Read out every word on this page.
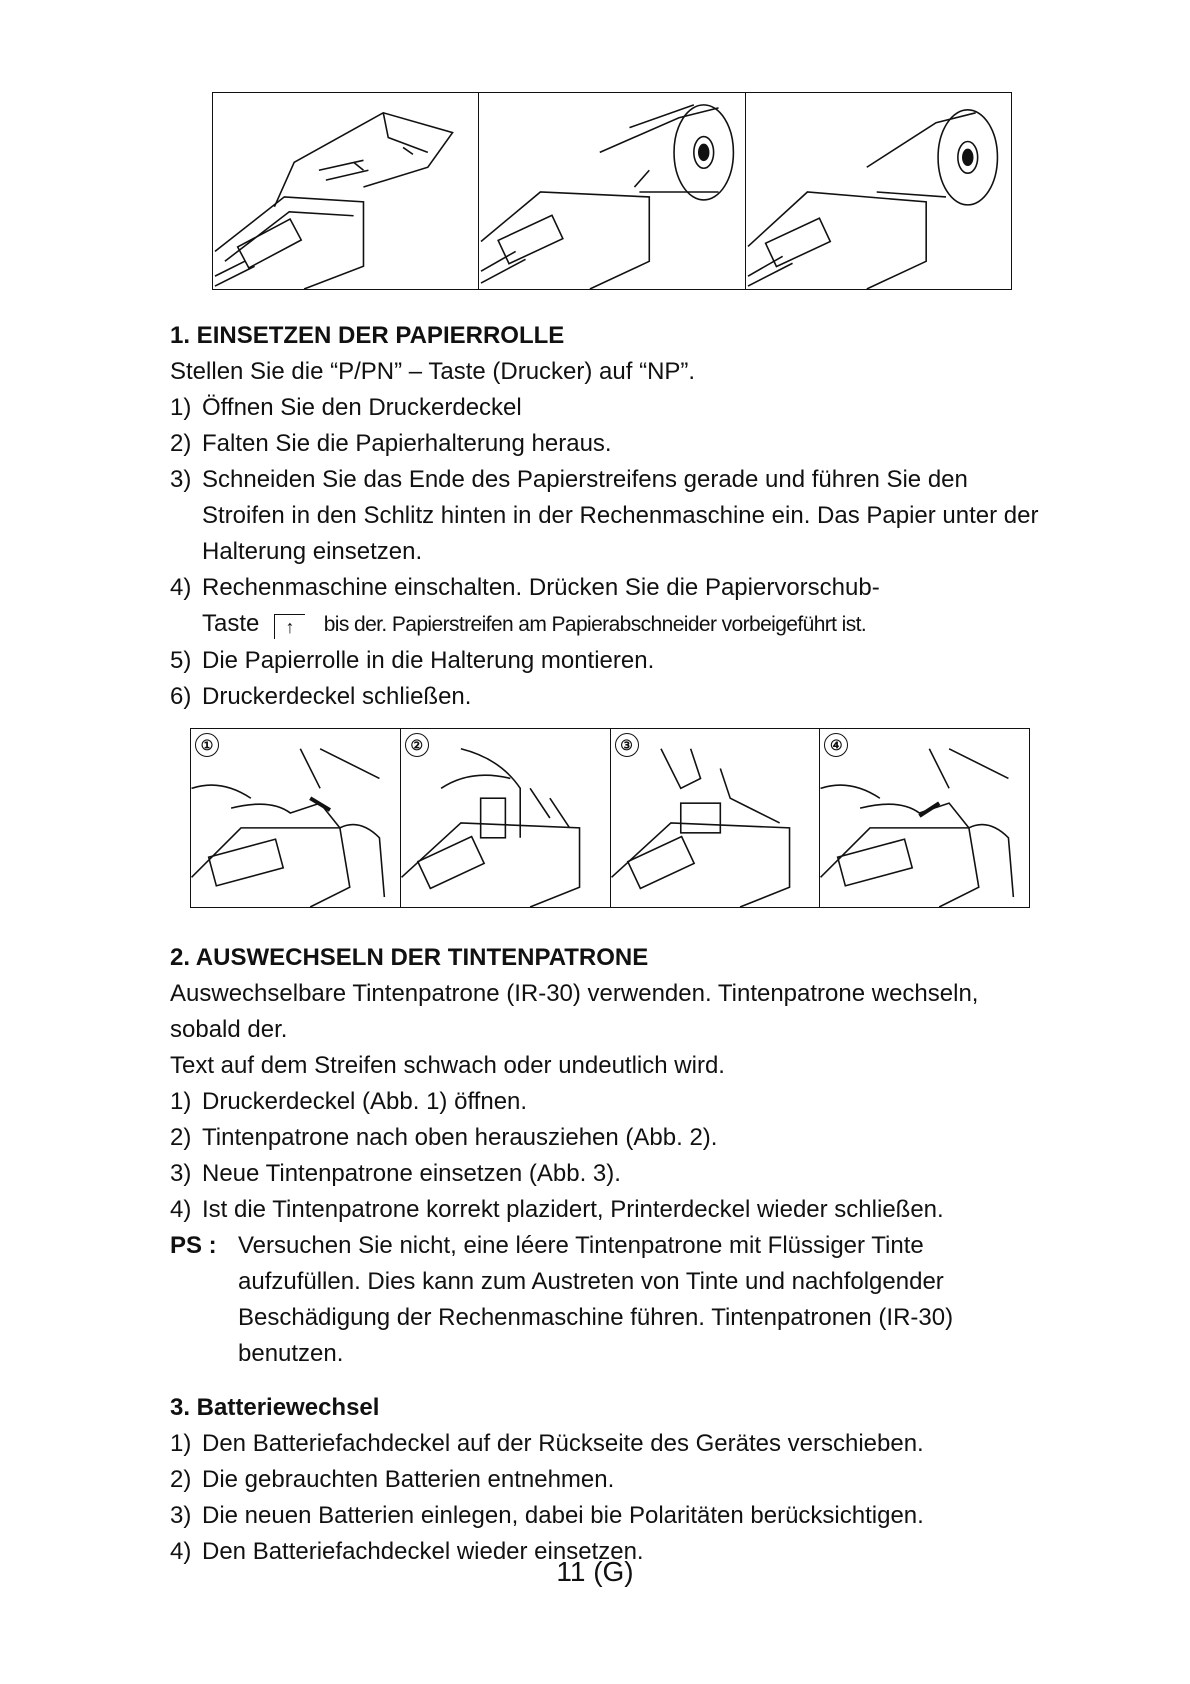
1. EINSETZEN DER PAPIERROLLE

Stellen Sie die “P/PN” – Taste (Drucker) auf “NP”.

1) Öffnen Sie den Druckerdeckel
2) Falten Sie die Papierhalterung heraus.
3) Schneiden Sie das Ende des Papierstreifens gerade und führen Sie den Stroifen in den Schlitz hinten in der Rechenmaschine ein. Das Papier unter der Halterung einsetzen.
4) Rechenmaschine einschalten. Drücken Sie die Papiervorschub-
Taste ↑ bis der. Papierstreifen am Papierabschneider vorbeigeführt ist.
5) Die Papierrolle in die Halterung montieren.
6) Druckerdeckel schließen.
①	②	③	④
2. AUSWECHSELN DER TINTENPATRONE

Auswechselbare Tintenpatrone (IR-30) verwenden. Tintenpatrone wechseln, sobald der.

Text auf dem Streifen schwach oder undeutlich wird.

1) Druckerdeckel (Abb. 1) öffnen.
2) Tintenpatrone nach oben herausziehen (Abb. 2).
3) Neue Tintenpatrone einsetzen (Abb. 3).
4) Ist die Tintenpatrone korrekt plazidert, Printerdeckel wieder schließen.
PS : Versuchen Sie nicht, eine léere Tintenpatrone mit Flüssiger Tinte aufzufüllen. Dies kann zum Austreten von Tinte und nachfolgender Beschädigung der Rechenmaschine führen. Tintenpatronen (IR-30) benutzen.
3. Batteriewechsel
1) Den Batteriefachdeckel auf der Rückseite des Gerätes verschieben.
2) Die gebrauchten Batterien entnehmen.
3) Die neuen Batterien einlegen, dabei bie Polaritäten berücksichtigen.
4) Den Batteriefachdeckel wieder einsetzen.
11 (G)
